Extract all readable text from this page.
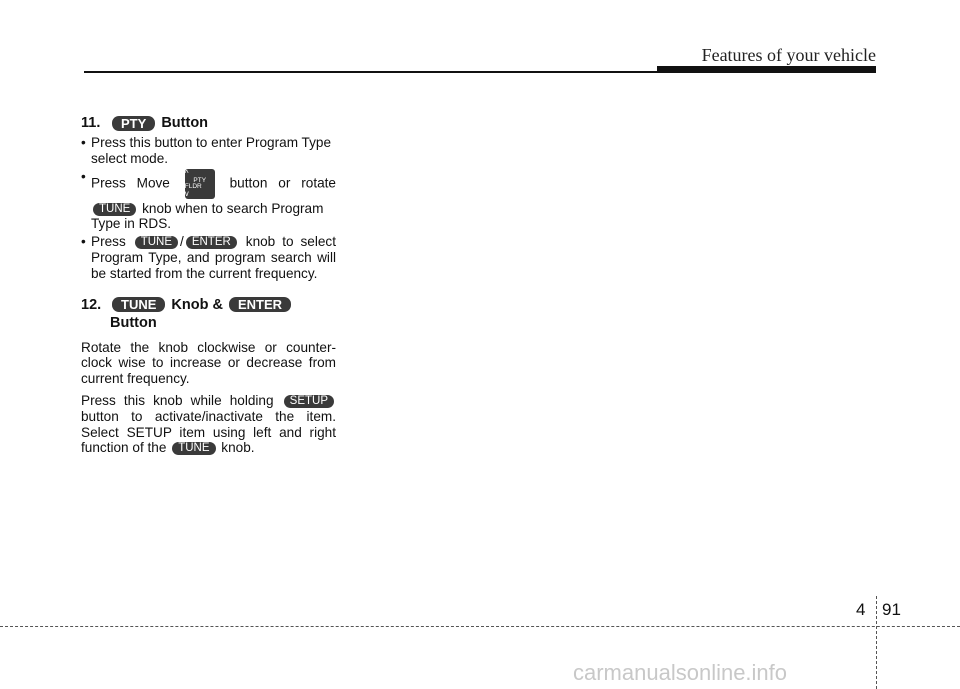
Features of your vehicle
11. PTY Button
• Press this button to enter Program Type select mode.
• Press Move
^
PTY FLDR
v
button or rotate
TUNE knob when to search Program Type in RDS.
• Press TUNE / ENTER knob to select
Program Type, and program search will be started from the current frequency.
12. TUNE Knob & ENTER
Button

Rotate the knob clockwise or counter-clock wise to increase or decrease from current frequency.

Press this knob while holding SETUP
button to activate/inactivate the item. Select SETUP item using left and right function of the TUNE knob.

4 91
carmanualsonline.info
